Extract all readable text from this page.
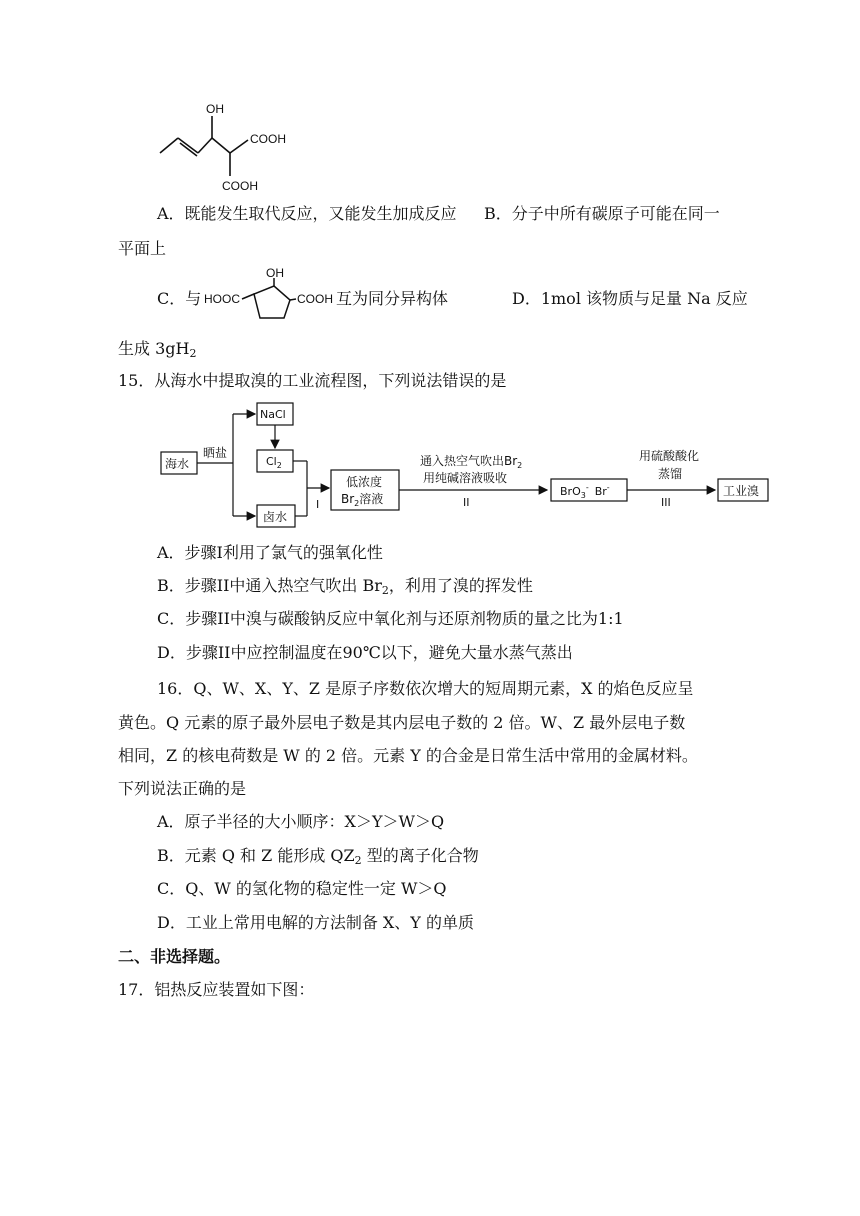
OH
COOH
COOH
A．既能发生取代反应，又能发生加成反应 B．分子中所有碳原子可能在同一
平面上
C．与
OH
HOOC	COOH 互为同分异构体	D．1mol 该物质与足量 Na 反应
生成 $3gH_2$
15．从海水中提取溴的工业流程图，下列说法错误的是
海水
晒盐
NaCl
$Cl_2$
卤水
I
低浓度
$Br_2$溶液
通入热空气吹出$Br_2$
用纯碱溶液吸收
II
BrO$_3$- Br-
用硫酸酸化
蒸馏
III
工业溴
A．步骤I利用了氯气的强氧化性
B．步骤II中通入热空气吹出 $Br_2$，利用了溴的挥发性
C．步骤II中溴与碳酸钠反应中氧化剂与还原剂物质的量之比为1:1
D．步骤II中应控制温度在90℃以下，避免大量水蒸气蒸出
16．Q、W、X、Y、Z 是原子序数依次增大的短周期元素，X 的焰色反应呈
黄色。Q 元素的原子最外层电子数是其内层电子数的 2 倍。W、Z 最外层电子数
相同，Z 的核电荷数是 W 的 2 倍。元素 Y 的合金是日常生活中常用的金属材料。
下列说法正确的是
A．原子半径的大小顺序：X＞Y＞W＞Q
B．元素 Q 和 Z 能形成 $QZ_2$ 型的离子化合物
C．Q、W 的氢化物的稳定性一定 W＞Q
D．工业上常用电解的方法制备 X、Y 的单质
二、非选择题。
17．铝热反应装置如下图：
